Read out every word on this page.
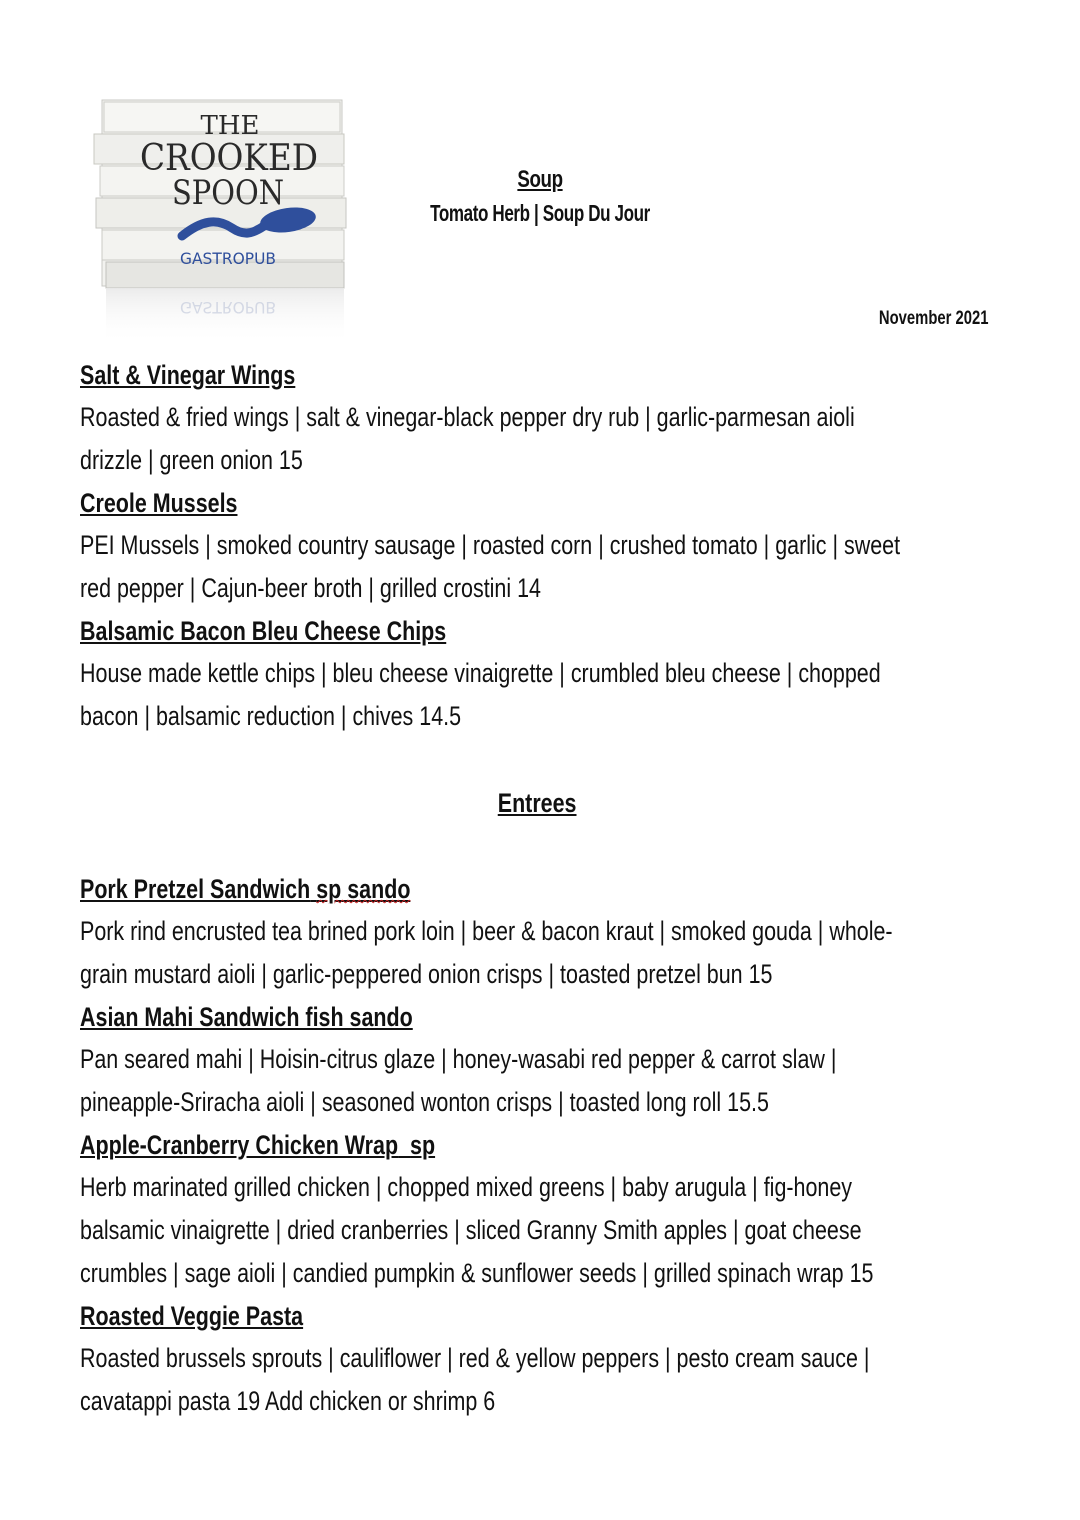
THE
CROOKED
SPOON
GASTROPUB
GASTROPUB
Soup
Tomato Herb | Soup Du Jour
November 2021
Salt & Vinegar Wings
Roasted & fried wings | salt & vinegar-black pepper dry rub | garlic-parmesan aioli
drizzle | green onion 15
Creole Mussels
PEI Mussels | smoked country sausage | roasted corn | crushed tomato | garlic | sweet
red pepper | Cajun-beer broth | grilled crostini 14
Balsamic Bacon Bleu Cheese Chips
House made kettle chips | bleu cheese vinaigrette | crumbled bleu cheese | chopped
bacon | balsamic reduction | chives 14.5
Entrees
Pork Pretzel Sandwich sp sando
Pork rind encrusted tea brined pork loin | beer & bacon kraut | smoked gouda | whole-
grain mustard aioli | garlic-peppered onion crisps | toasted pretzel bun 15
Asian Mahi Sandwich fish sando
Pan seared mahi | Hoisin-citrus glaze | honey-wasabi red pepper & carrot slaw |
pineapple-Sriracha aioli | seasoned wonton crisps | toasted long roll 15.5
Apple-Cranberry Chicken Wrap sp
Herb marinated grilled chicken | chopped mixed greens | baby arugula | fig-honey
balsamic vinaigrette | dried cranberries | sliced Granny Smith apples | goat cheese
crumbles | sage aioli | candied pumpkin & sunflower seeds | grilled spinach wrap 15
Roasted Veggie Pasta
Roasted brussels sprouts | cauliflower | red & yellow peppers | pesto cream sauce |
cavatappi pasta 19 Add chicken or shrimp 6
